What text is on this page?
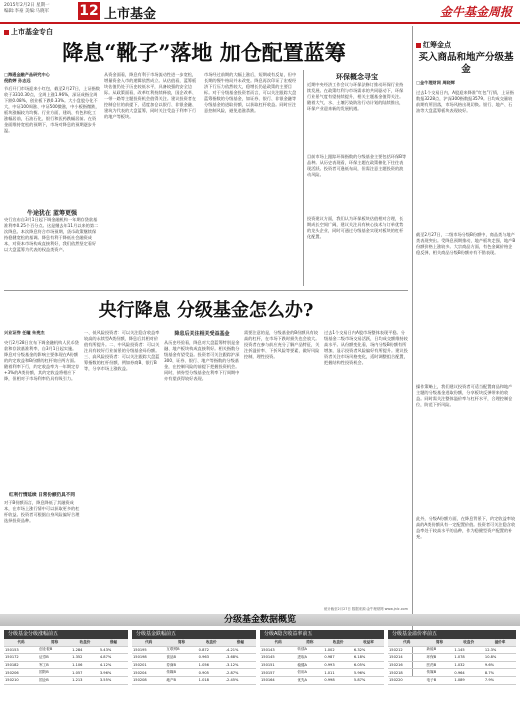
2015年2月2日 星期一
编辑:李豪 美编:马晓军	12 上市基金	金牛基金周报
上市基金专白
降息“靴子”落地 加仓配置蓝筹
□海通金融产品研究中心
倪韵婷 孙志远
节后开门市场迎来小红包，截至2月27日，上证指数收于3310.30点，全周上涨1.96%，深证成指全周下跌0.08%，创业板下跌0.33%。大小盘股分化不大，中证100周涨、中证500微涨，中小板指微跌，板块涨幅较为均衡。行业方面，建筑、有色和化工涨幅居前，石油石化、银行和医药跌幅居前。在资金面维持宽松的预期下，市场对降息的预期逐步升温。
牛途犹在 蓝筹更强
央行宣布自3月1日起下调金融机构一年期存贷款基准利率0.25个百分点。这是继去年11月以来的第二次降息。本次降息符合市场预期，货币政策继续保持稳健宽松的基调。降息有利于降低社会融资成本，对资本市场构成直接利好，我们依然坚定看好以大盘蓝筹为代表的权益类资产。
从资金面看，降息有利于市场流动性进一步宽松，增量资金入市的逻辑依然成立。从估值看，蓝筹板块估值仍处于历史较低水平，具备较强的安全边际。从政策面看，改革红利持续释放，国企改革、一带一路等主题投资机会值得关注。建议投资者在控制仓位的前提下，适度加仓以银行、非银金融、建筑为代表的大盘蓝筹，同时关注受益于利率下行的地产等板块。
市场经过前期的大幅上涨后，短期或有反复，但中长期的慢牛格局并未改变。降息再次印证了宏观经济下行压力依然较大，稳增长仍是政策的主要目标。对于分级基金投资者而言，可以关注跟踪大盘蓝筹指数的分级基金，如证券、银行、非银金融等分级基金的进取份额，以获取杠杆收益。同时应注意控制风险，避免追涨杀跌。
环保概念寻宝
近期中央经济工作会议与环保法修订推动环保行业持续发展。在政策红利与市场需求的共同驱动下，环保行业景气度有望持续提升，相关主题基金值得关注。随着大气、水、土壤污染防治行动计划的陆续推出，环保产业迎来新的发展机遇。
目前市场上跟踪环保指数的分级基金主要包括环保B等品种。从历史表现看，环保主题在政策催化下往往表现活跃。投资者可逢低布局，但需注意主题投资的波动风险。
投资建议方面，我们认为环保板块估值相对合理，长期成长空间广阔，建议关注具有核心技术与订单优势的龙头企业，同时可通过分级基金实现对板块的杠杆化配置。
红筹金点
买入商品和地产分级基金
□金牛理财网 周晓辉
过去1个交易日内，A股迎来降准“红包”行情，上证指数报3228点，沪深300指数报3579。日均成交量较前期有所回落，市场风格出现切换。银行、地产、石油等大盘蓝筹板块表现较好。
截至2月27日，二级市场分级B份额中，商品类与地产类表现突出。受降息预期推动，地产板块走强，地产B份额价格上涨较多。大宗商品方面，有色金属价格企稳反弹，相关商品分级B份额亦有不错表现。
操作策略上，我们建议投资者可适当配置商品和地产主题的分级基金进取份额，分享板块反弹带来的收益。同时需关注整体溢价率与杠杆水平，合理控制仓位，防范下折风险。
此外，分级A份额方面，在降息背景下，约定收益率较高的A类份额具有一定配置价值。投资者可关注隐含收益率处于较高水平的品种，作为稳健型资产配置的补充。
央行降息 分级基金怎么办?
兴业证券 任瞳 朱亮杰
央行2月28日宣布下调金融机构人民币贷款和存款基准利率，自3月1日起实施。降息对分级基金的影响主要体现在A份额的约定收益和B份额的杠杆效应两方面。随着利率下行，约定收益率为一年期定存+3%的A类份额，其约定收益将相应下降，但相对于市场利率仍具有吸引力。
红利行情延续 日常份额仍具不同
对于B份额而言，降息降低了其融资成本，在市场上涨行情中可以获取更多的杠杆收益。投资者可根据自身风险偏好合理选择投资品种。
一、低风险投资者：可以关注隐含收益率较高的永续型A类份额，降息后其相对价值有所提升。二、中风险投资者：可以关注具有较好行业前景的分级基金母份额。三、高风险投资者：可以关注跟踪大盘蓝筹指数的杠杆份额，例如券商B、银行B等，分享市场上涨收益。
降息后关注相关受益基金
从历史经验看，降息对大盘蓝筹特别是金融、地产板块构成直接利好。相关指数分级基金有望受益。投资者可关注跟踪沪深300、证券、银行、地产等指数的分级基金，在控制风险的前提下把握投资机会。同时，债券型分级基金在利率下行周期中亦有望获得较好表现。
需要注意的是，分级基金的B份额具有较高的杠杆，在市场下跌时损失也会放大。投资者在参与前应充分了解产品特征，关注折溢价率、下折风险等要素，做好风险控制，理性投资。
过去1个交易日内A股市场整体表现平稳。分级基金二级市场交易活跃，日均成交额维持较高水平。从份额变化看，场内分级B份额有所增加，显示投资者风险偏好有所提升。建议投资者关注市场风格变化，适时调整组合配置，把握结构性投资机会。
统计截至2月27日 数据来源:金牛理财网 www.jnlc.com
分级基金数据概览
分级基金分级涨幅前五
代码	简称	收盘价	涨幅
150153	创业板B	1.284	5.43%
150172	证券B	1.352	4.87%
150182	军工B	1.106	4.12%
150206	国防B	1.057	3.96%
150210	国企B	1.213	3.55%
分级基金跌幅前五
代码	简称	收盘价	涨幅
150195	互联网B	0.872	-4.21%
150198	食品B	0.963	-3.68%
150201	券商B	1.056	-3.12%
150204	传媒B	0.905	-2.87%
150208	地产B	1.018	-2.45%
分级A隐含收益率前五
代码	简称	收盘价	收益率
150143	转债A	1.002	6.32%
150145	进取A	0.987	6.18%
150151	稳健A	0.993	6.05%
150157	信用A	1.011	5.96%
150164	优先A	0.998	5.87%
分级基金溢价率前五
代码	简称	收盘价	溢价率
150212	新能B	1.145	12.3%
150214	环保B	1.078	10.8%
150216	医药B	1.032	9.6%
150218	传媒B	0.964	8.7%
150220	电子B	1.089	7.9%
